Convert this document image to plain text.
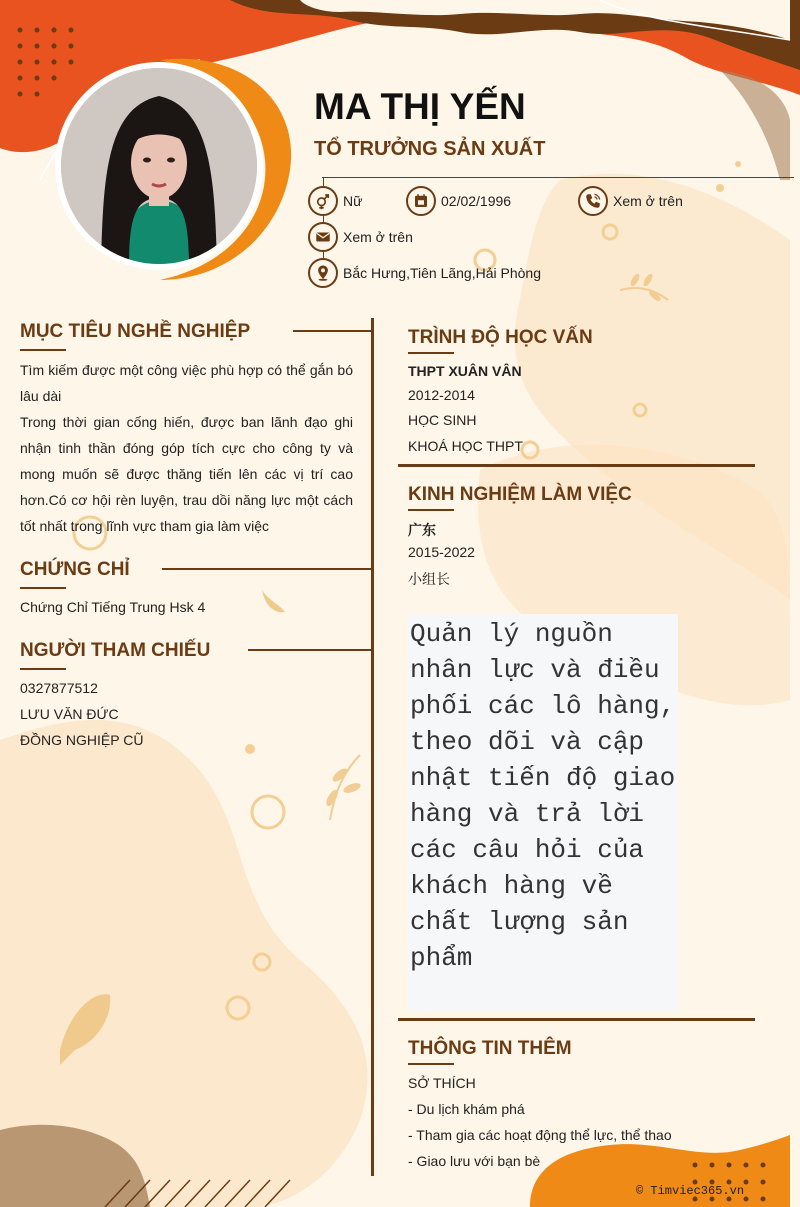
MA THỊ YẾN
TỔ TRƯỞNG SẢN XUẤT
Nữ	02/02/1996	Xem ở trên
Xem ở trên
Bắc Hưng,Tiên Lãng,Hải Phòng
MỤC TIÊU NGHỀ NGHIỆP
Tìm kiếm được một công việc phù hợp có thể gắn bó lâu dài
Trong thời gian cống hiến, được ban lãnh đạo ghi nhận tinh thần đóng góp tích cực cho công ty và mong muốn sẽ được thăng tiến lên các vị trí cao hơn.Có cơ hội rèn luyện, trau dồi năng lực một cách tốt nhất trong lĩnh vực tham gia làm việc
CHỨNG CHỈ
Chứng Chỉ Tiếng Trung Hsk 4
NGƯỜI THAM CHIẾU
0327877512
LƯU VĂN ĐỨC
ĐỒNG NGHIỆP CŨ
TRÌNH ĐỘ HỌC VẤN
THPT XUÂN VÂN
2012-2014
HỌC SINH
KHOÁ HỌC THPT
KINH NGHIỆM LÀM VIỆC
广东
2015-2022
小组长
Quản lý nguồn nhân lực và điều phối các lô hàng, theo dõi và cập nhật tiến độ giao hàng và trả lời các câu hỏi của khách hàng về chất lượng sản phẩm
THÔNG TIN THÊM
SỞ THÍCH
- Du lịch khám phá
- Tham gia các hoạt động thể lực, thể thao
- Giao lưu với bạn bè
© Timviec365.vn
